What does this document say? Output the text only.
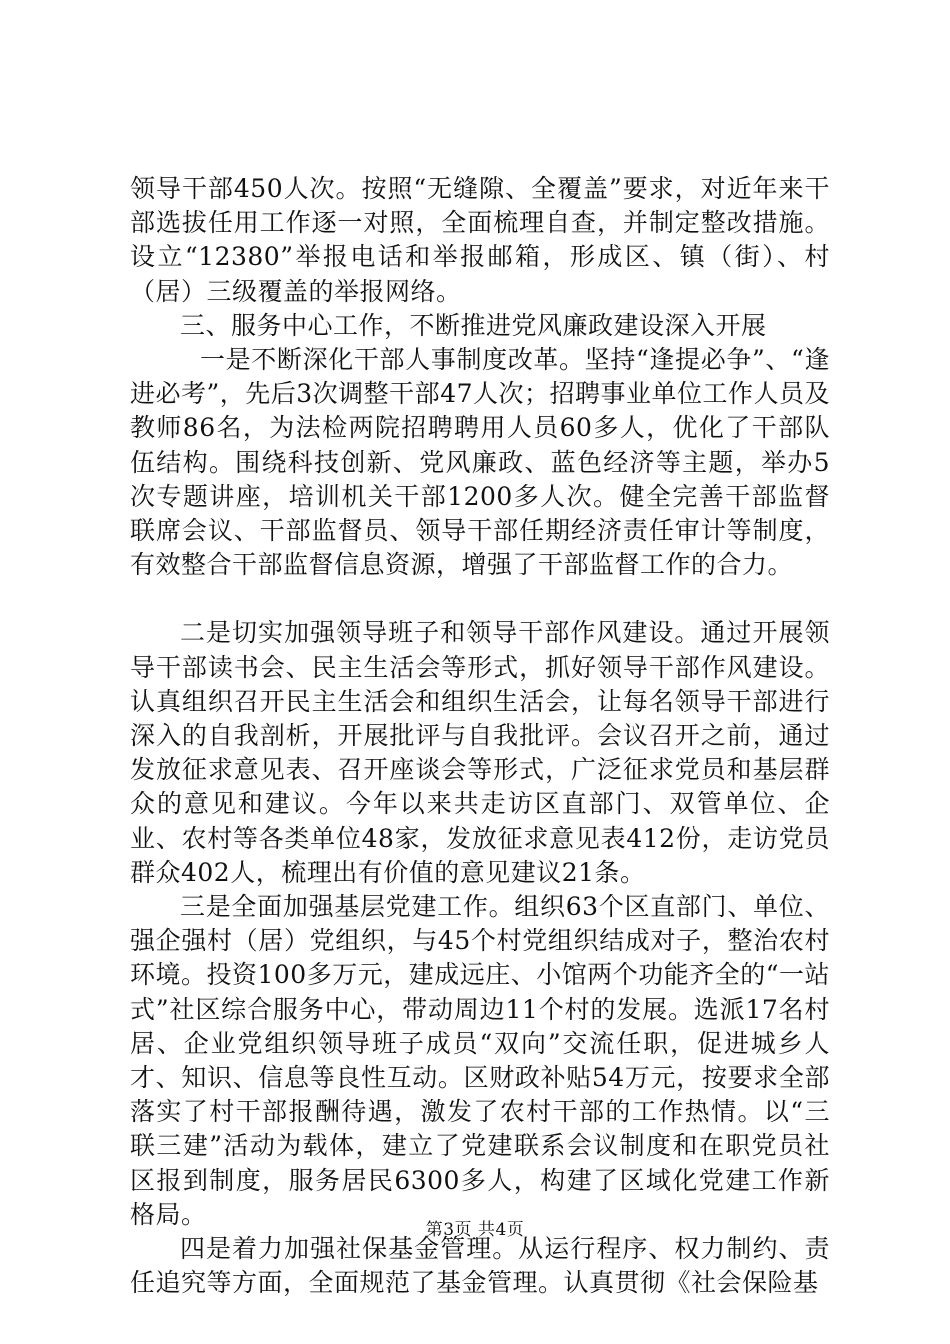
领导干部450人次。按照“无缝隙、全覆盖”要求，对近年来干部选拔任用工作逐一对照，全面梳理自查，并制定整改措施。设立“12380”举报电话和举报邮箱，形成区、镇（街）、村（居）三级覆盖的举报网络。

三、服务中心工作，不断推进党风廉政建设深入开展

一是不断深化干部人事制度改革。坚持“逢提必争”、“逢进必考”，先后3次调整干部47人次；招聘事业单位工作人员及教师86名，为法检两院招聘聘用人员60多人，优化了干部队伍结构。围绕科技创新、党风廉政、蓝色经济等主题，举办5次专题讲座，培训机关干部1200多人次。健全完善干部监督联席会议、干部监督员、领导干部任期经济责任审计等制度，有效整合干部监督信息资源，增强了干部监督工作的合力。

二是切实加强领导班子和领导干部作风建设。通过开展领导干部读书会、民主生活会等形式，抓好领导干部作风建设。认真组织召开民主生活会和组织生活会，让每名领导干部进行深入的自我剖析，开展批评与自我批评。会议召开之前，通过发放征求意见表、召开座谈会等形式，广泛征求党员和基层群众的意见和建议。今年以来共走访区直部门、双管单位、企业、农村等各类单位48家，发放征求意见表412份，走访党员群众402人，梳理出有价值的意见建议21条。

三是全面加强基层党建工作。组织63个区直部门、单位、强企强村（居）党组织，与45个村党组织结成对子，整治农村环境。投资100多万元，建成远庄、小馆两个功能齐全的“一站式”社区综合服务中心，带动周边11个村的发展。选派17名村居、企业党组织领导班子成员“双向”交流任职，促进城乡人才、知识、信息等良性互动。区财政补贴54万元，按要求全部落实了村干部报酬待遇，激发了农村干部的工作热情。以“三联三建”活动为载体，建立了党建联系会议制度和在职党员社区报到制度，服务居民6300多人，构建了区域化党建工作新格局。

四是着力加强社保基金管理。从运行程序、权力制约、责任追究等方面，全面规范了基金管理。认真贯彻《社会保险基

第3页 共4页
